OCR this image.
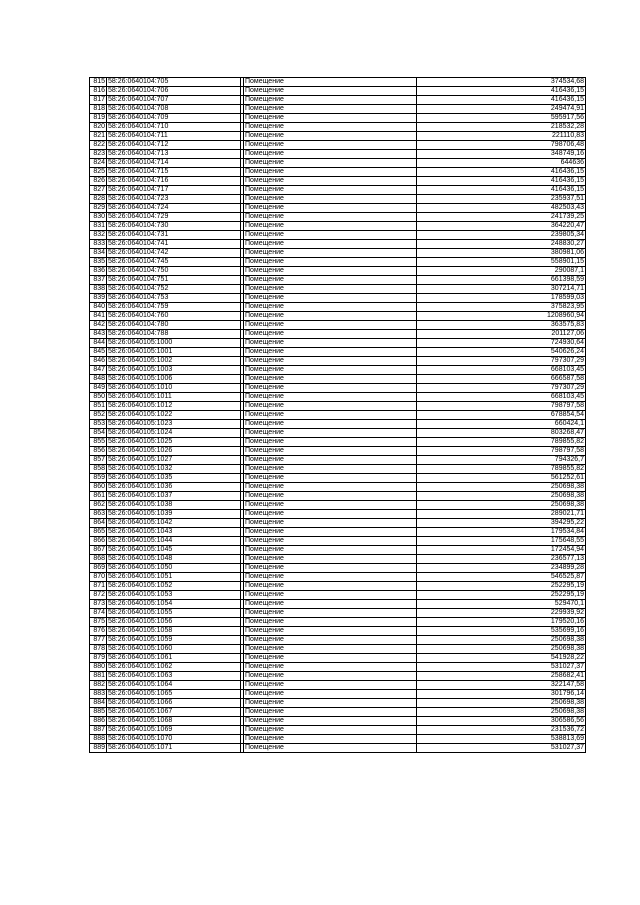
815	58:26:0640104:705		Помещение	374534,68
816	58:26:0640104:706		Помещение	416436,15
817	58:26:0640104:707		Помещение	416436,15
818	58:26:0640104:708		Помещение	249474,91
819	58:26:0640104:709		Помещение	595917,56
820	58:26:0640104:710		Помещение	218532,28
821	58:26:0640104:711		Помещение	221110,83
822	58:26:0640104:712		Помещение	798706,48
823	58:26:0640104:713		Помещение	348749,16
824	58:26:0640104:714		Помещение	644636
825	58:26:0640104:715		Помещение	416436,15
826	58:26:0640104:716		Помещение	416436,15
827	58:26:0640104:717		Помещение	416436,15
828	58:26:0640104:723		Помещение	235937,51
829	58:26:0640104:724		Помещение	482503,43
830	58:26:0640104:729		Помещение	241739,25
831	58:26:0640104:730		Помещение	364220,47
832	58:26:0640104:731		Помещение	239805,34
833	58:26:0640104:741		Помещение	248830,27
834	58:26:0640104:742		Помещение	380981,06
835	58:26:0640104:745		Помещение	558901,15
836	58:26:0640104:750		Помещение	290087,1
837	58:26:0640104:751		Помещение	661398,59
838	58:26:0640104:752		Помещение	307214,71
839	58:26:0640104:753		Помещение	178599,03
840	58:26:0640104:759		Помещение	375823,95
841	58:26:0640104:760		Помещение	1208960,94
842	58:26:0640104:780		Помещение	363575,83
843	58:26:0640104:788		Помещение	201127,06
844	58:26:0640105:1000		Помещение	724930,64
845	58:26:0640105:1001		Помещение	540626,24
846	58:26:0640105:1002		Помещение	797307,29
847	58:26:0640105:1003		Помещение	668103,45
848	58:26:0640105:1006		Помещение	666587,58
849	58:26:0640105:1010		Помещение	797307,29
850	58:26:0640105:1011		Помещение	668103,45
851	58:26:0640105:1012		Помещение	798797,58
852	58:26:0640105:1022		Помещение	678854,54
853	58:26:0640105:1023		Помещение	660424,1
854	58:26:0640105:1024		Помещение	803268,47
855	58:26:0640105:1025		Помещение	789855,82
856	58:26:0640105:1026		Помещение	798797,58
857	58:26:0640105:1027		Помещение	794326,7
858	58:26:0640105:1032		Помещение	789855,82
859	58:26:0640105:1035		Помещение	561252,61
860	58:26:0640105:1036		Помещение	250698,38
861	58:26:0640105:1037		Помещение	250698,38
862	58:26:0640105:1038		Помещение	250698,38
863	58:26:0640105:1039		Помещение	289021,71
864	58:26:0640105:1042		Помещение	394295,22
865	58:26:0640105:1043		Помещение	179534,84
866	58:26:0640105:1044		Помещение	175648,55
867	58:26:0640105:1045		Помещение	172454,94
868	58:26:0640105:1048		Помещение	236577,13
869	58:26:0640105:1050		Помещение	234899,28
870	58:26:0640105:1051		Помещение	546525,87
871	58:26:0640105:1052		Помещение	252295,19
872	58:26:0640105:1053		Помещение	252295,19
873	58:26:0640105:1054		Помещение	529470,1
874	58:26:0640105:1055		Помещение	229939,92
875	58:26:0640105:1056		Помещение	179520,16
876	58:26:0640105:1058		Помещение	535699,16
877	58:26:0640105:1059		Помещение	250698,38
878	58:26:0640105:1060		Помещение	250698,38
879	58:26:0640105:1061		Помещение	541928,22
880	58:26:0640105:1062		Помещение	531027,37
881	58:26:0640105:1063		Помещение	258682,41
882	58:26:0640105:1064		Помещение	322147,58
883	58:26:0640105:1065		Помещение	301796,14
884	58:26:0640105:1066		Помещение	250698,38
885	58:26:0640105:1067		Помещение	250698,38
886	58:26:0640105:1068		Помещение	306586,56
887	58:26:0640105:1069		Помещение	231536,72
888	58:26:0640105:1070		Помещение	538813,69
889	58:26:0640105:1071		Помещение	531027,37
